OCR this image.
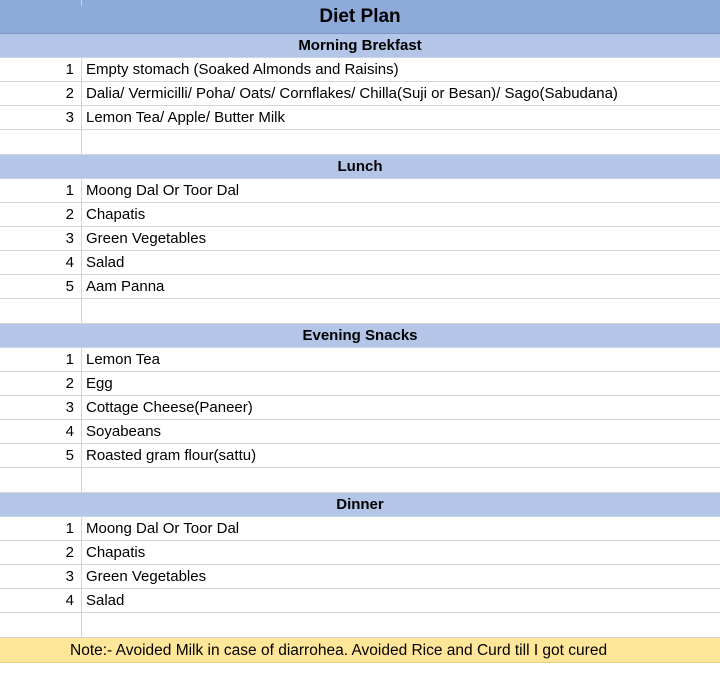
Diet Plan
Morning Brekfast
1 Empty stomach (Soaked Almonds and Raisins)
2 Dalia/ Vermicilli/ Poha/ Oats/ Cornflakes/ Chilla(Suji or Besan)/ Sago(Sabudana)
3 Lemon Tea/ Apple/ Butter Milk
Lunch
1 Moong Dal Or Toor Dal
2 Chapatis
3 Green Vegetables
4 Salad
5 Aam Panna
Evening Snacks
1 Lemon Tea
2 Egg
3 Cottage Cheese(Paneer)
4 Soyabeans
5 Roasted gram flour(sattu)
Dinner
1 Moong Dal Or Toor Dal
2 Chapatis
3 Green Vegetables
4 Salad
Note:- Avoided Milk in case of diarrohea. Avoided Rice and Curd till I got cured
